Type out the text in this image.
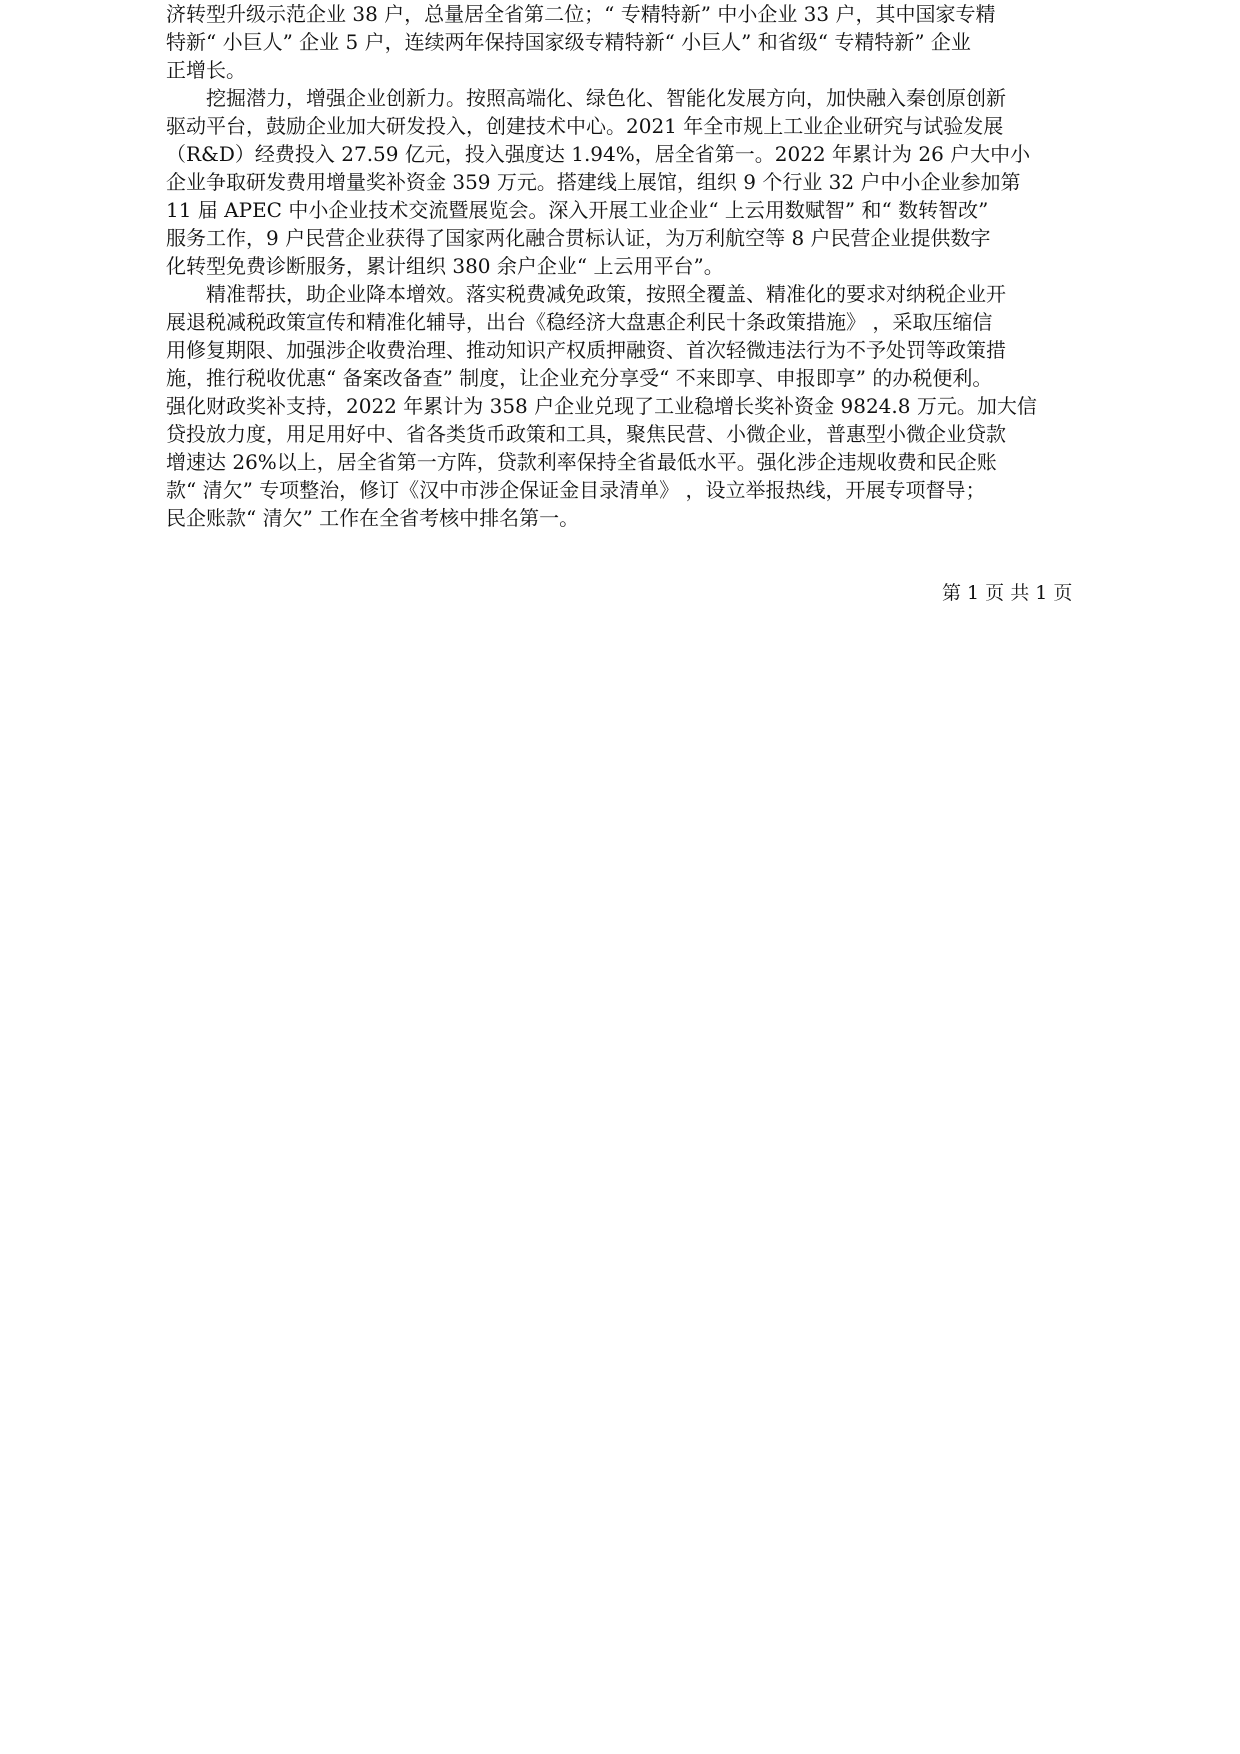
济转型升级示范企业 38 户，总量居全省第二位；“ 专精特新” 中小企业 33 户，其中国家专精
特新“ 小巨人” 企业 5 户，连续两年保持国家级专精特新“ 小巨人” 和省级“ 专精特新” 企业
正增长。
挖掘潜力，增强企业创新力。按照高端化、绿色化、智能化发展方向，加快融入秦创原创新
驱动平台，鼓励企业加大研发投入，创建技术中心。2021 年全市规上工业企业研究与试验发展
（R&D）经费投入 27.59 亿元，投入强度达 1.94%，居全省第一。2022 年累计为 26 户大中小
企业争取研发费用增量奖补资金 359 万元。搭建线上展馆，组织 9 个行业 32 户中小企业参加第
11 届 APEC 中小企业技术交流暨展览会。深入开展工业企业“ 上云用数赋智” 和“ 数转智改”
服务工作，9 户民营企业获得了国家两化融合贯标认证，为万利航空等 8 户民营企业提供数字
化转型免费诊断服务，累计组织 380 余户企业“ 上云用平台”。
精准帮扶，助企业降本增效。落实税费减免政策，按照全覆盖、精准化的要求对纳税企业开
展退税减税政策宣传和精准化辅导，出台《稳经济大盘惠企利民十条政策措施》 ，采取压缩信
用修复期限、加强涉企收费治理、推动知识产权质押融资、首次轻微违法行为不予处罚等政策措
施，推行税收优惠“ 备案改备查” 制度，让企业充分享受“ 不来即享、申报即享” 的办税便利。
强化财政奖补支持，2022 年累计为 358 户企业兑现了工业稳增长奖补资金 9824.8 万元。加大信
贷投放力度，用足用好中、省各类货币政策和工具，聚焦民营、小微企业，普惠型小微企业贷款
增速达 26%以上，居全省第一方阵，贷款利率保持全省最低水平。强化涉企违规收费和民企账
款“ 清欠” 专项整治，修订《汉中市涉企保证金目录清单》 ，设立举报热线，开展专项督导；
民企账款“ 清欠” 工作在全省考核中排名第一。
第 1 页 共 1 页
